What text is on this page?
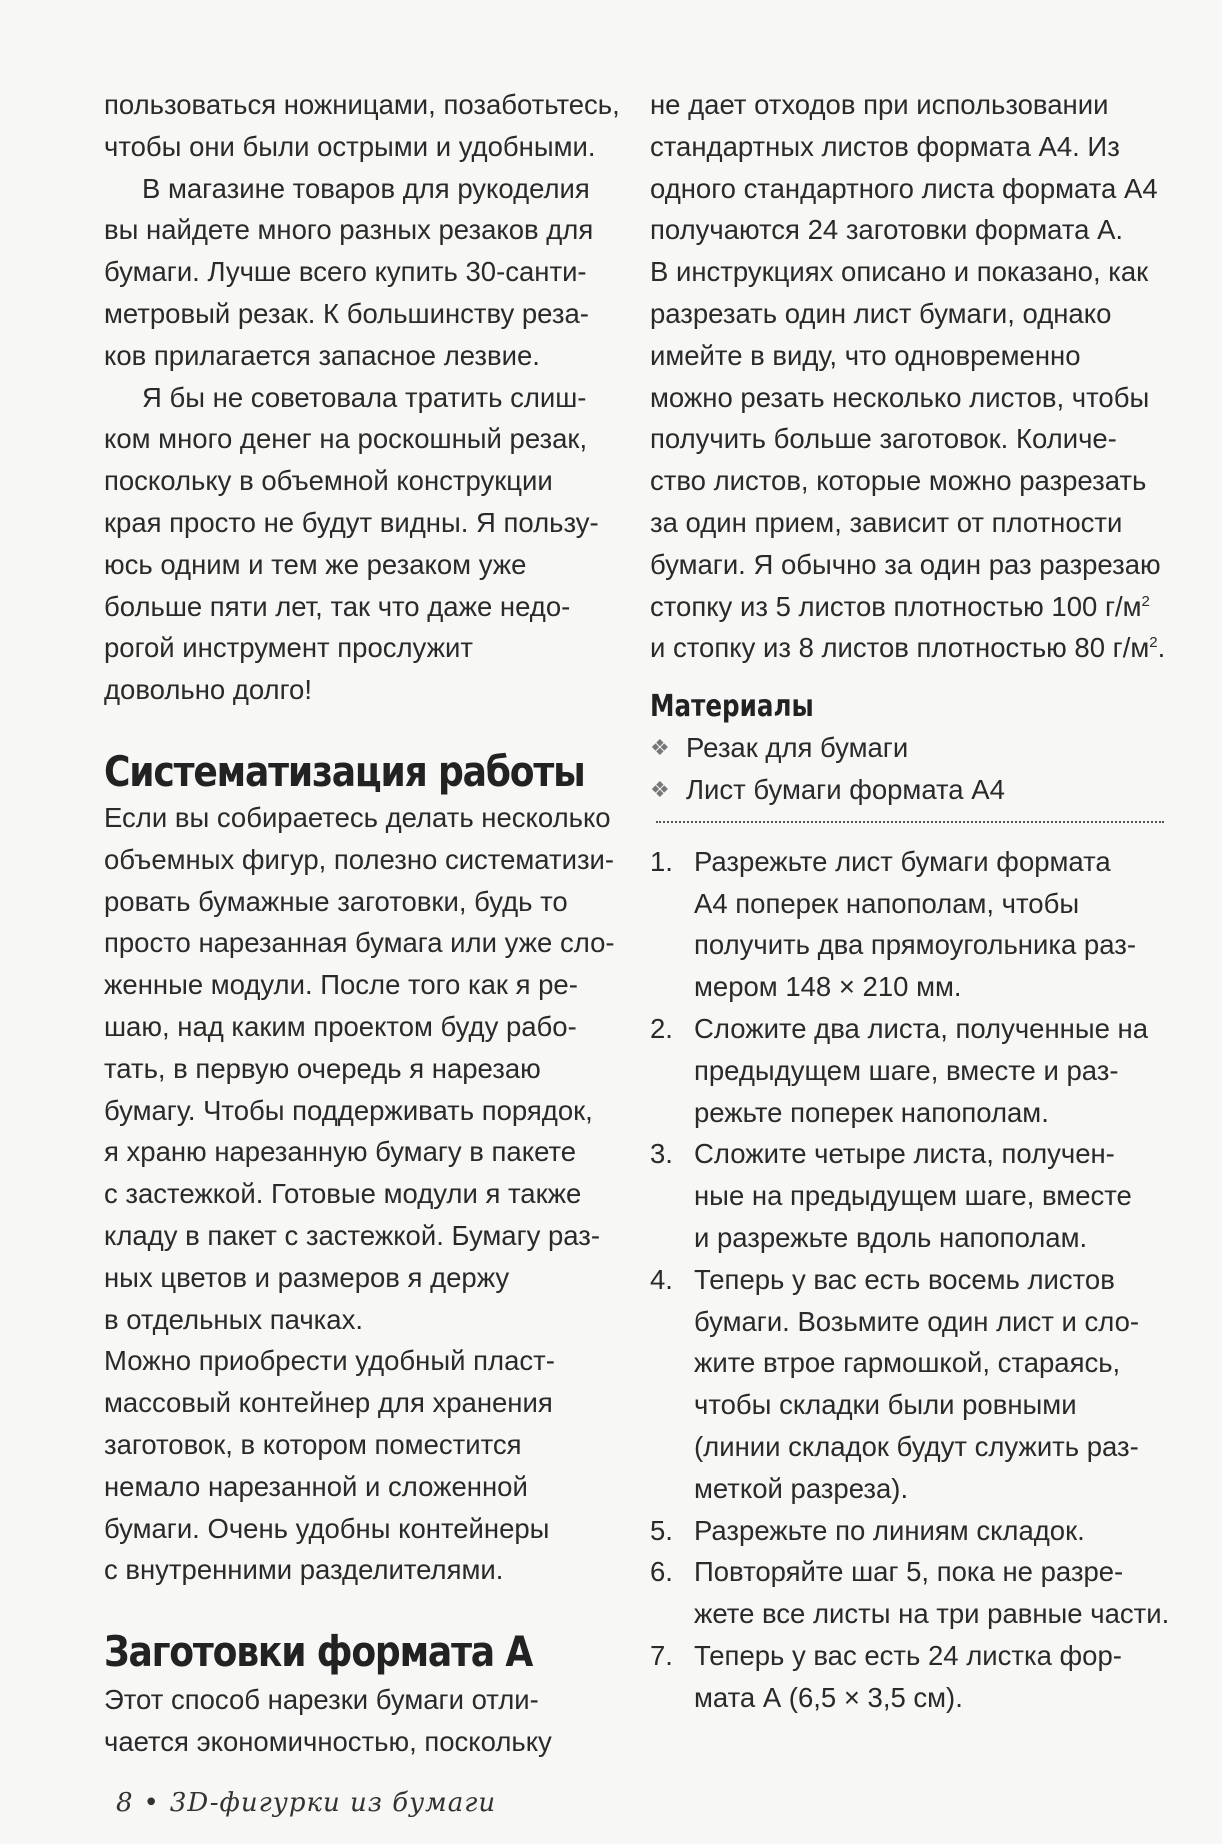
пользоваться ножницами, позаботьтесь,
чтобы они были острыми и удобными.
В магазине товаров для рукоделия
вы найдете много разных резаков для
бумаги. Лучше всего купить 30-санти-
метровый резак. К большинству реза-
ков прилагается запасное лезвие.
Я бы не советовала тратить слиш-
ком много денег на роскошный резак,
поскольку в объемной конструкции
края просто не будут видны. Я пользу-
юсь одним и тем же резаком уже
больше пяти лет, так что даже недо-
рогой инструмент прослужит
довольно долго!
Систематизация работы
Если вы собираетесь делать несколько
объемных фигур, полезно систематизи-
ровать бумажные заготовки, будь то
просто нарезанная бумага или уже сло-
женные модули. После того как я ре-
шаю, над каким проектом буду рабо-
тать, в первую очередь я нарезаю
бумагу. Чтобы поддерживать порядок,
я храню нарезанную бумагу в пакете
с застежкой. Готовые модули я также
кладу в пакет с застежкой. Бумагу раз-
ных цветов и размеров я держу
в отдельных пачках.
Можно приобрести удобный пласт-
массовый контейнер для хранения
заготовок, в котором поместится
немало нарезанной и сложенной
бумаги. Очень удобны контейнеры
с внутренними разделителями.
Заготовки формата А
Этот способ нарезки бумаги отли-
чается экономичностью, поскольку
не дает отходов при использовании
стандартных листов формата А4. Из
одного стандартного листа формата А4
получаются 24 заготовки формата А.
В инструкциях описано и показано, как
разрезать один лист бумаги, однако
имейте в виду, что одновременно
можно резать несколько листов, чтобы
получить больше заготовок. Количе-
ство листов, которые можно разрезать
за один прием, зависит от плотности
бумаги. Я обычно за один раз разрезаю
стопку из 5 листов плотностью 100 $г/м^2$
и стопку из 8 листов плотностью 80 $г/м^2$.
Материалы
❖ Резак для бумаги
❖ Лист бумаги формата А4
1. Разрежьте лист бумаги формата
А4 поперек напополам, чтобы
получить два прямоугольника раз-
мером 148 × 210 мм.
2. Сложите два листа, полученные на
предыдущем шаге, вместе и раз-
режьте поперек напополам.
3. Сложите четыре листа, получен-
ные на предыдущем шаге, вместе
и разрежьте вдоль напополам.
4. Теперь у вас есть восемь листов
бумаги. Возьмите один лист и сло-
жите втрое гармошкой, стараясь,
чтобы складки были ровными
(линии складок будут служить раз-
меткой разреза).
5. Разрежьте по линиям складок.
6. Повторяйте шаг 5, пока не разре-
жете все листы на три равные части.
7. Теперь у вас есть 24 листка фор-
мата А (6,5 × 3,5 см).
8 • 3D-фигурки из бумаги
